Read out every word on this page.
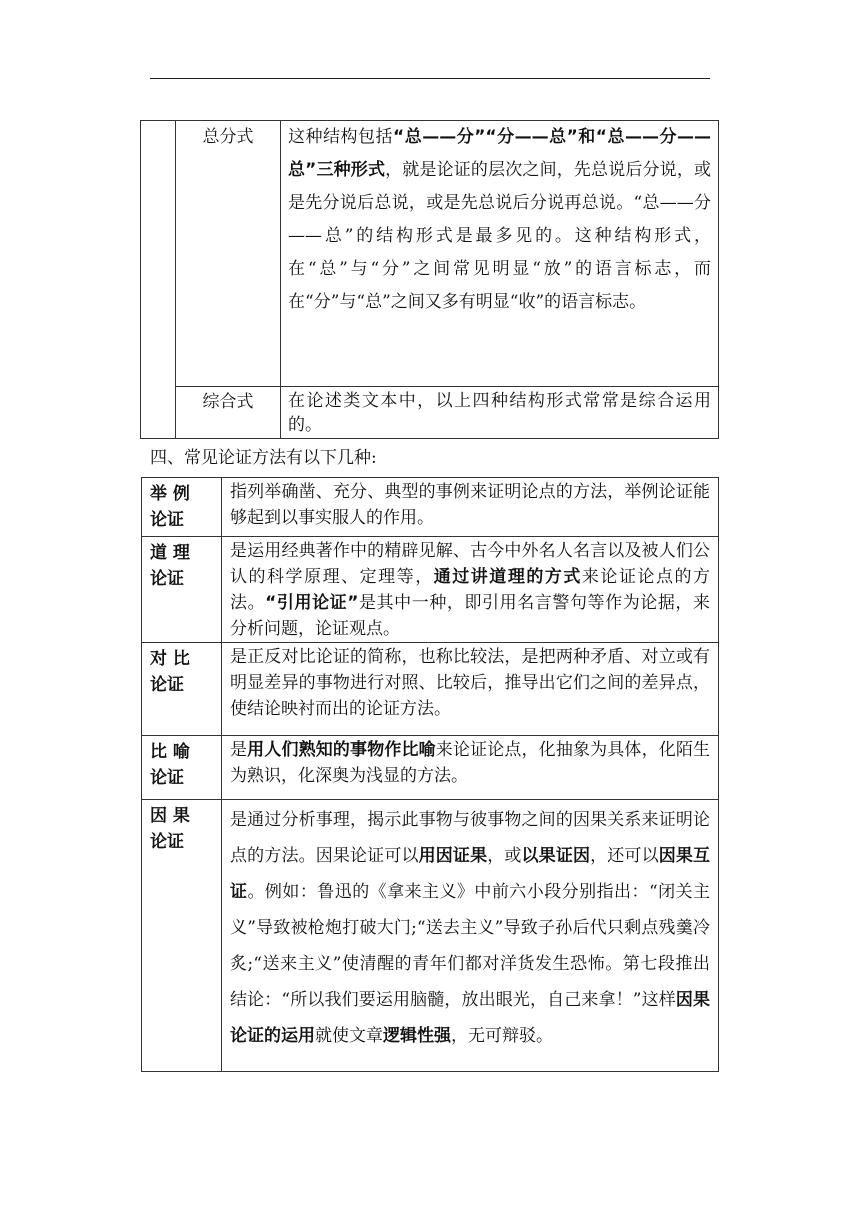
	总分式	这种结构包括“总——分”“分——总”和“总——分——总”三种形式，就是论证的层次之间，先总说后分说，或是先分说后总说，或是先总说后分说再总说。“总——分——总”的结构形式是最多见的。这种结构形式，在“总”与“分”之间常见明显“放”的语言标志，而在“分”与“总”之间又多有明显“收”的语言标志。
	综合式	在论述类文本中，以上四种结构形式常常是综合运用的。
四、常见论证方法有以下几种:
举 例
论证	指列举确凿、充分、典型的事例来证明论点的方法，举例论证能够起到以事实服人的作用。

道 理
论证	是运用经典著作中的精辟见解、古今中外名人名言以及被人们公认的科学原理、定理等，通过讲道理的方式来论证论点的方法。“引用论证”是其中一种，即引用名言警句等作为论据，来分析问题，论证观点。

对 比
论证	是正反对比论证的简称，也称比较法，是把两种矛盾、对立或有明显差异的事物进行对照、比较后，推导出它们之间的差异点，使结论映衬而出的论证方法。

比 喻
论证	是用人们熟知的事物作比喻来论证论点，化抽象为具体，化陌生为熟识，化深奥为浅显的方法。

因 果
论证	是通过分析事理，揭示此事物与彼事物之间的因果关系来证明论点的方法。因果论证可以用因证果，或以果证因，还可以因果互证。例如：鲁迅的《拿来主义》中前六小段分别指出：“闭关主义”导致被枪炮打破大门;“送去主义”导致子孙后代只剩点残羹冷炙;“送来主义”使清醒的青年们都对洋货发生恐怖。第七段推出结论：“所以我们要运用脑髓，放出眼光，自己来拿！”这样因果论证的运用就使文章逻辑性强，无可辩驳。
